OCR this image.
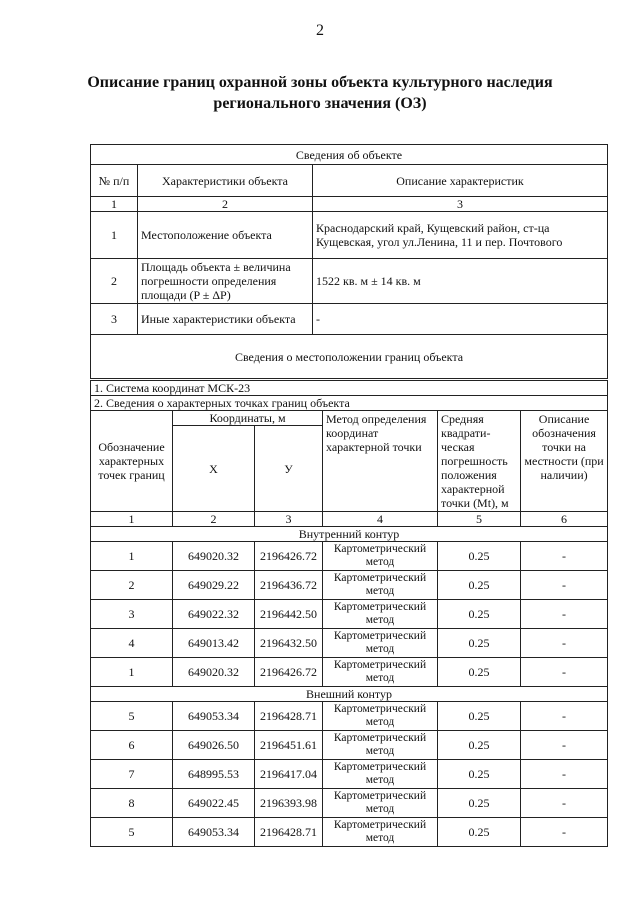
2
Описание границ охранной зоны объекта культурного наследия
регионального значения (ОЗ)
Сведения об объекте		
№ п/п	Характеристики объекта	Описание характеристик
1	2	3
1	Местоположение объекта	Краснодарский край, Кущевский район, ст-ца Кущевская, угол ул.Ленина, 11 и пер. Почтового
2	Площадь объекта ± величина погрешности определения площади (P ± ΔP)	1522 кв. м ± 14 кв. м
3	Иные характеристики объекта	-
Сведения о местоположении границ объекта		
1. Система координат МСК-23					
2. Сведения о характерных точках границ объекта					
Обозначение характерных точек границ	Координаты, м		Метод определения координат характерной точки	Средняя квадрати-ческая погрешность положения характерной точки (Mt), м	Описание обозначения точки на местности (при наличии)
	X	У			
1	2	3	4	5	6
Внутренний контур					
1	649020.32	2196426.72	Картометрический метод	0.25	-
2	649029.22	2196436.72	Картометрический метод	0.25	-
3	649022.32	2196442.50	Картометрический метод	0.25	-
4	649013.42	2196432.50	Картометрический метод	0.25	-
1	649020.32	2196426.72	Картометрический метод	0.25	-
Внешний контур					
5	649053.34	2196428.71	Картометрический метод	0.25	-
6	649026.50	2196451.61	Картометрический метод	0.25	-
7	648995.53	2196417.04	Картометрический метод	0.25	-
8	649022.45	2196393.98	Картометрический метод	0.25	-
5	649053.34	2196428.71	Картометрический метод	0.25	-
